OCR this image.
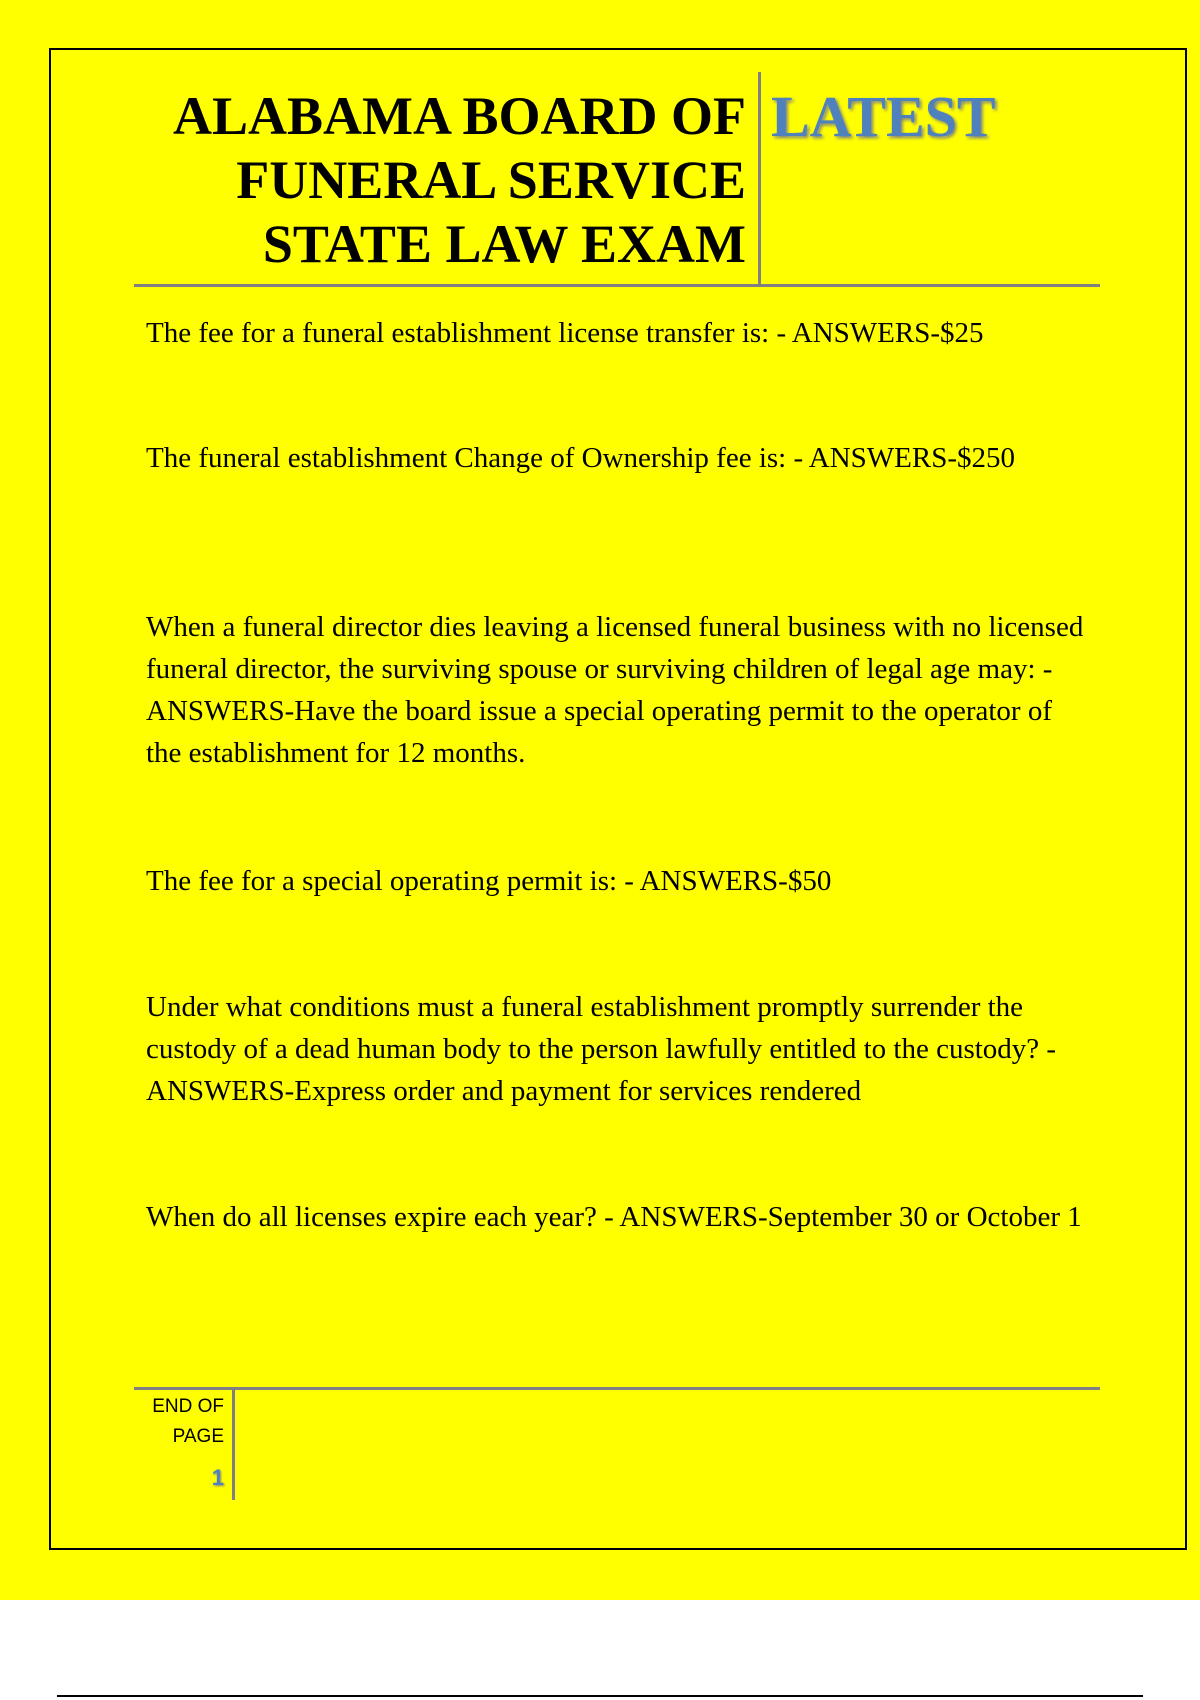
ALABAMA BOARD OF
FUNERAL SERVICE
STATE LAW EXAM
LATEST

The fee for a funeral establishment license transfer is: - ANSWERS-$25

The funeral establishment Change of Ownership fee is: - ANSWERS-$250

When a funeral director dies leaving a licensed funeral business with no licensed funeral director, the surviving spouse or surviving children of legal age may: - ANSWERS-Have the board issue a special operating permit to the operator of the establishment for 12 months.

The fee for a special operating permit is: - ANSWERS-$50

Under what conditions must a funeral establishment promptly surrender the custody of a dead human body to the person lawfully entitled to the custody? - ANSWERS-Express order and payment for services rendered

When do all licenses expire each year? - ANSWERS-September 30 or October 1

END OF
PAGE
1
